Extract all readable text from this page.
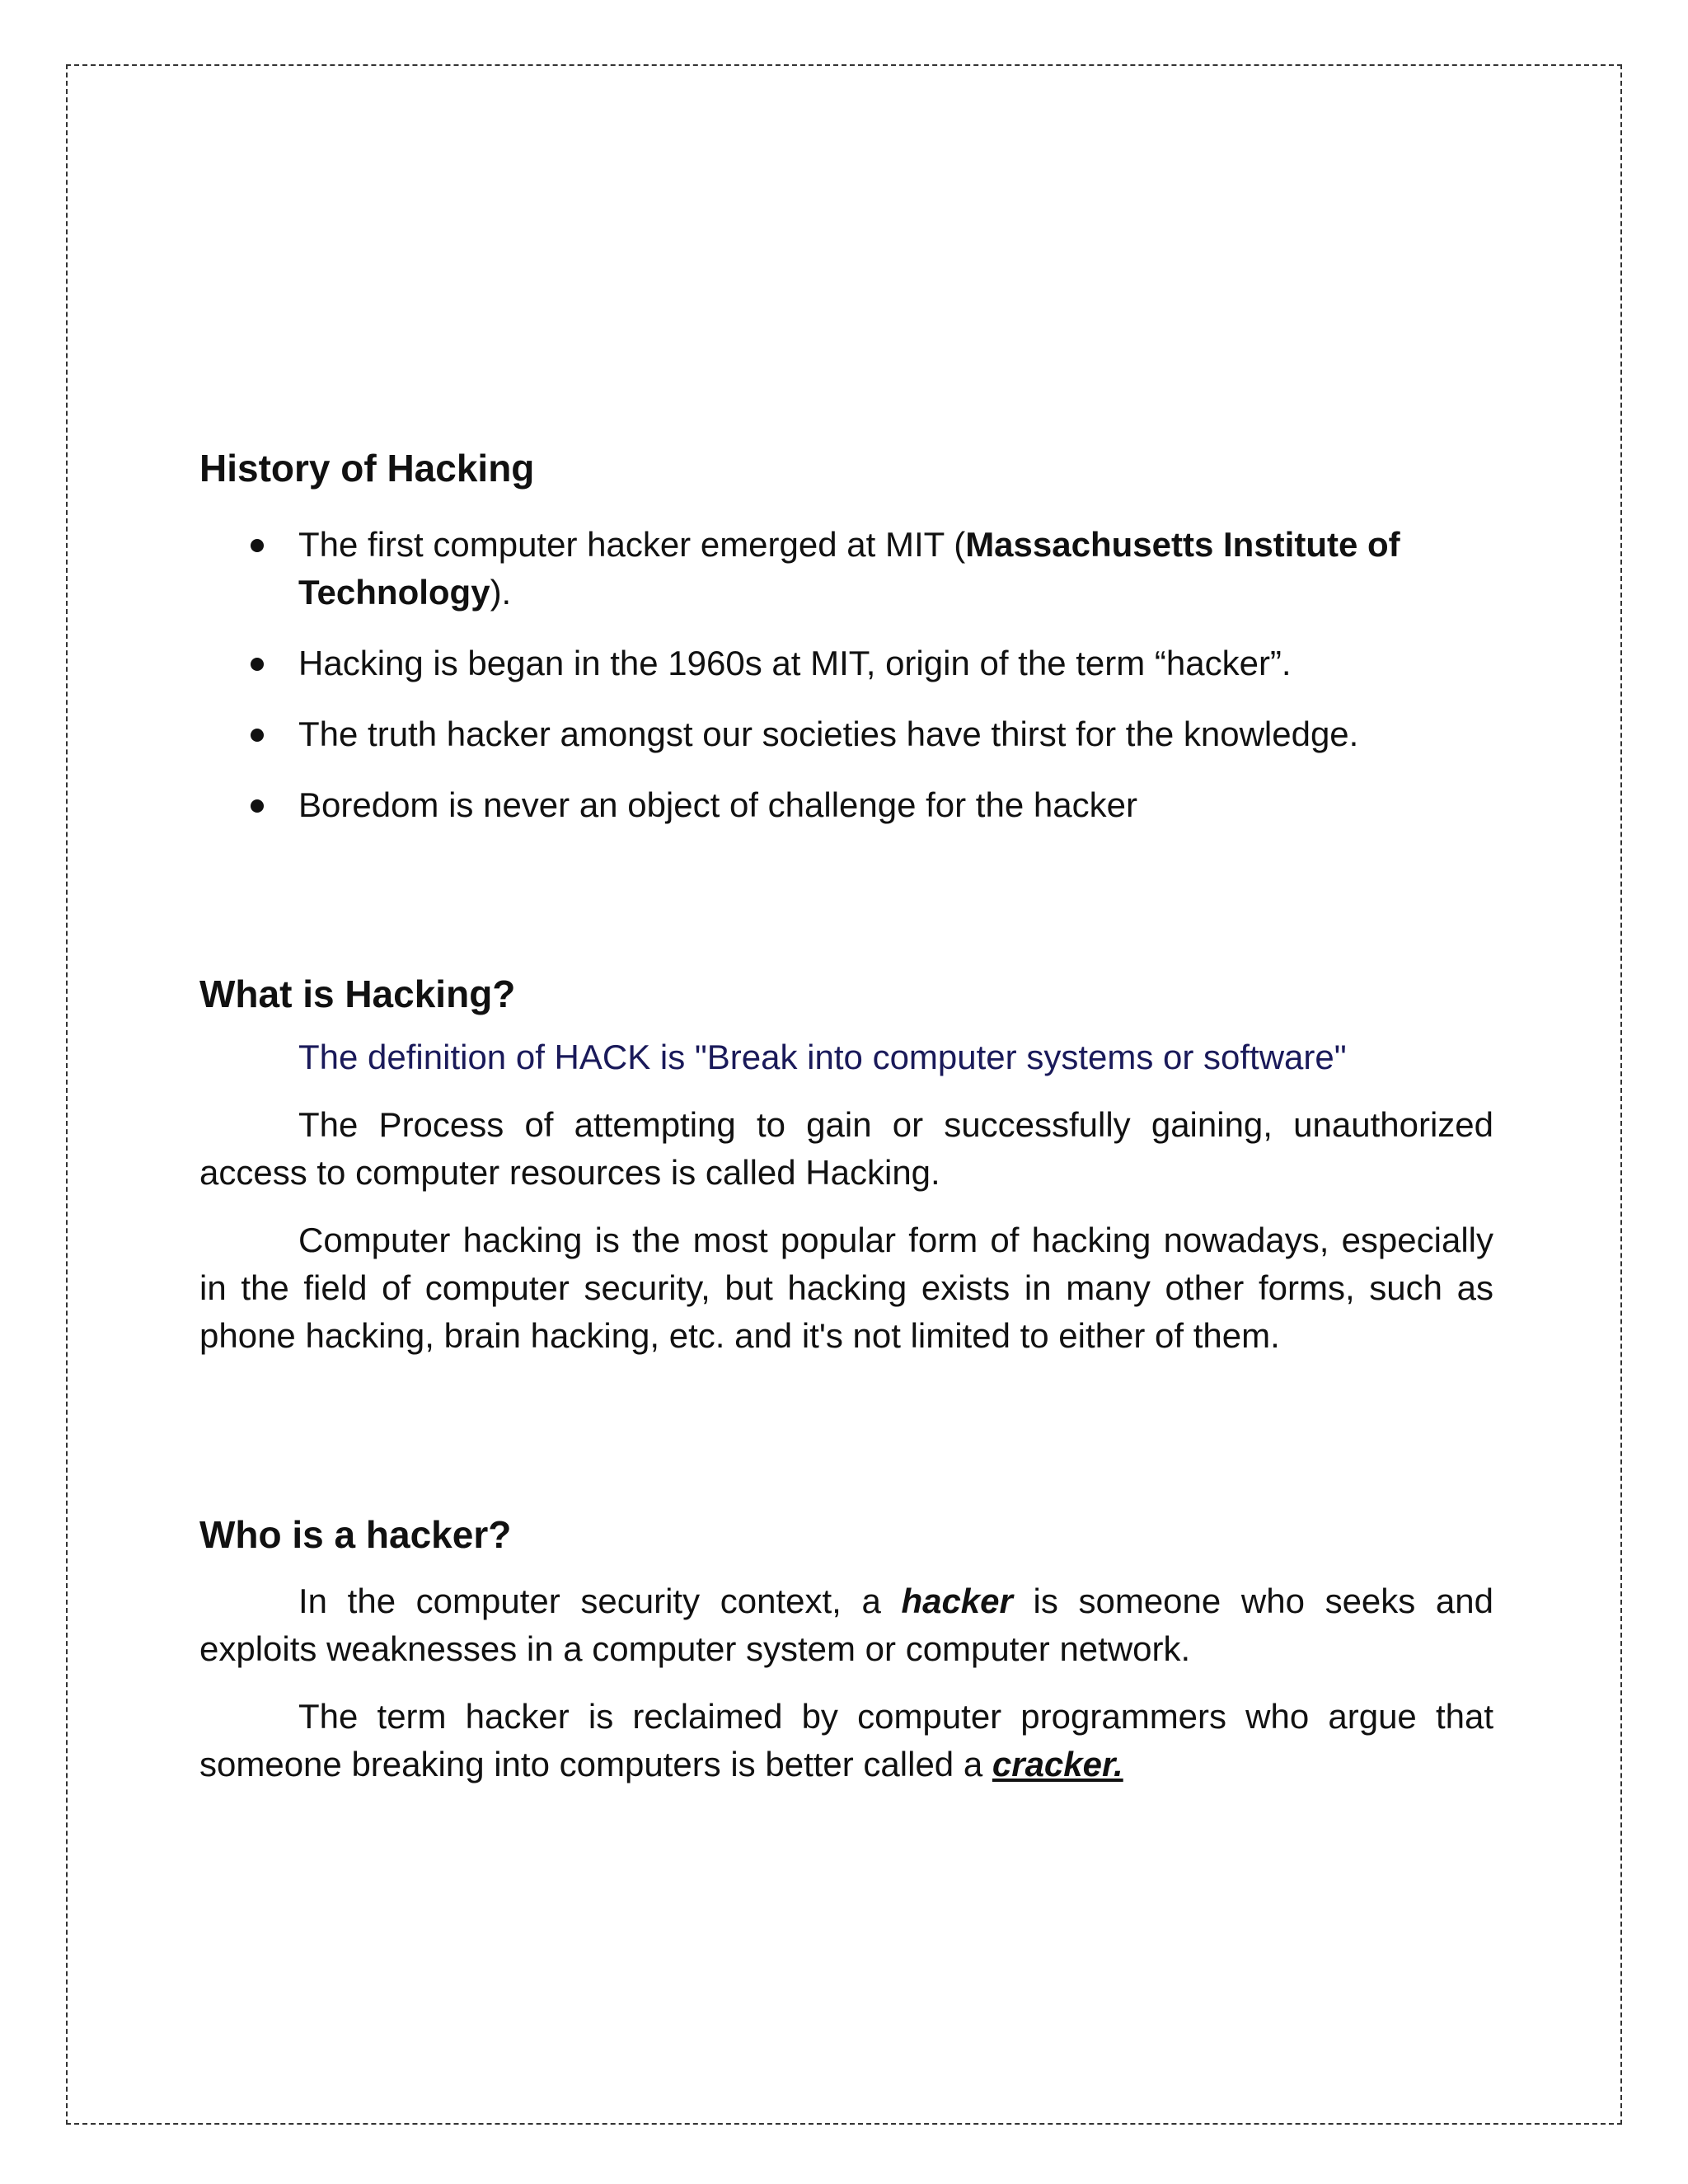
History of Hacking
The first computer hacker emerged at MIT (Massachusetts Institute of Technology).
Hacking is began in the 1960s at MIT, origin of the term “hacker”.
The truth hacker amongst our societies have thirst for the knowledge.
Boredom is never an object of challenge for the hacker
What is Hacking?

The definition of HACK is "Break into computer systems or software"

The Process of attempting to gain or successfully gaining, unauthorized access to computer resources is called Hacking.

Computer hacking is the most popular form of hacking nowadays, especially in the field of computer security, but hacking exists in many other forms, such as phone hacking, brain hacking, etc. and it's not limited to either of them.

Who is a hacker?

In the computer security context, a hacker is someone who seeks and exploits weaknesses in a computer system or computer network.

The term hacker is reclaimed by computer programmers who argue that someone breaking into computers is better called a cracker.
